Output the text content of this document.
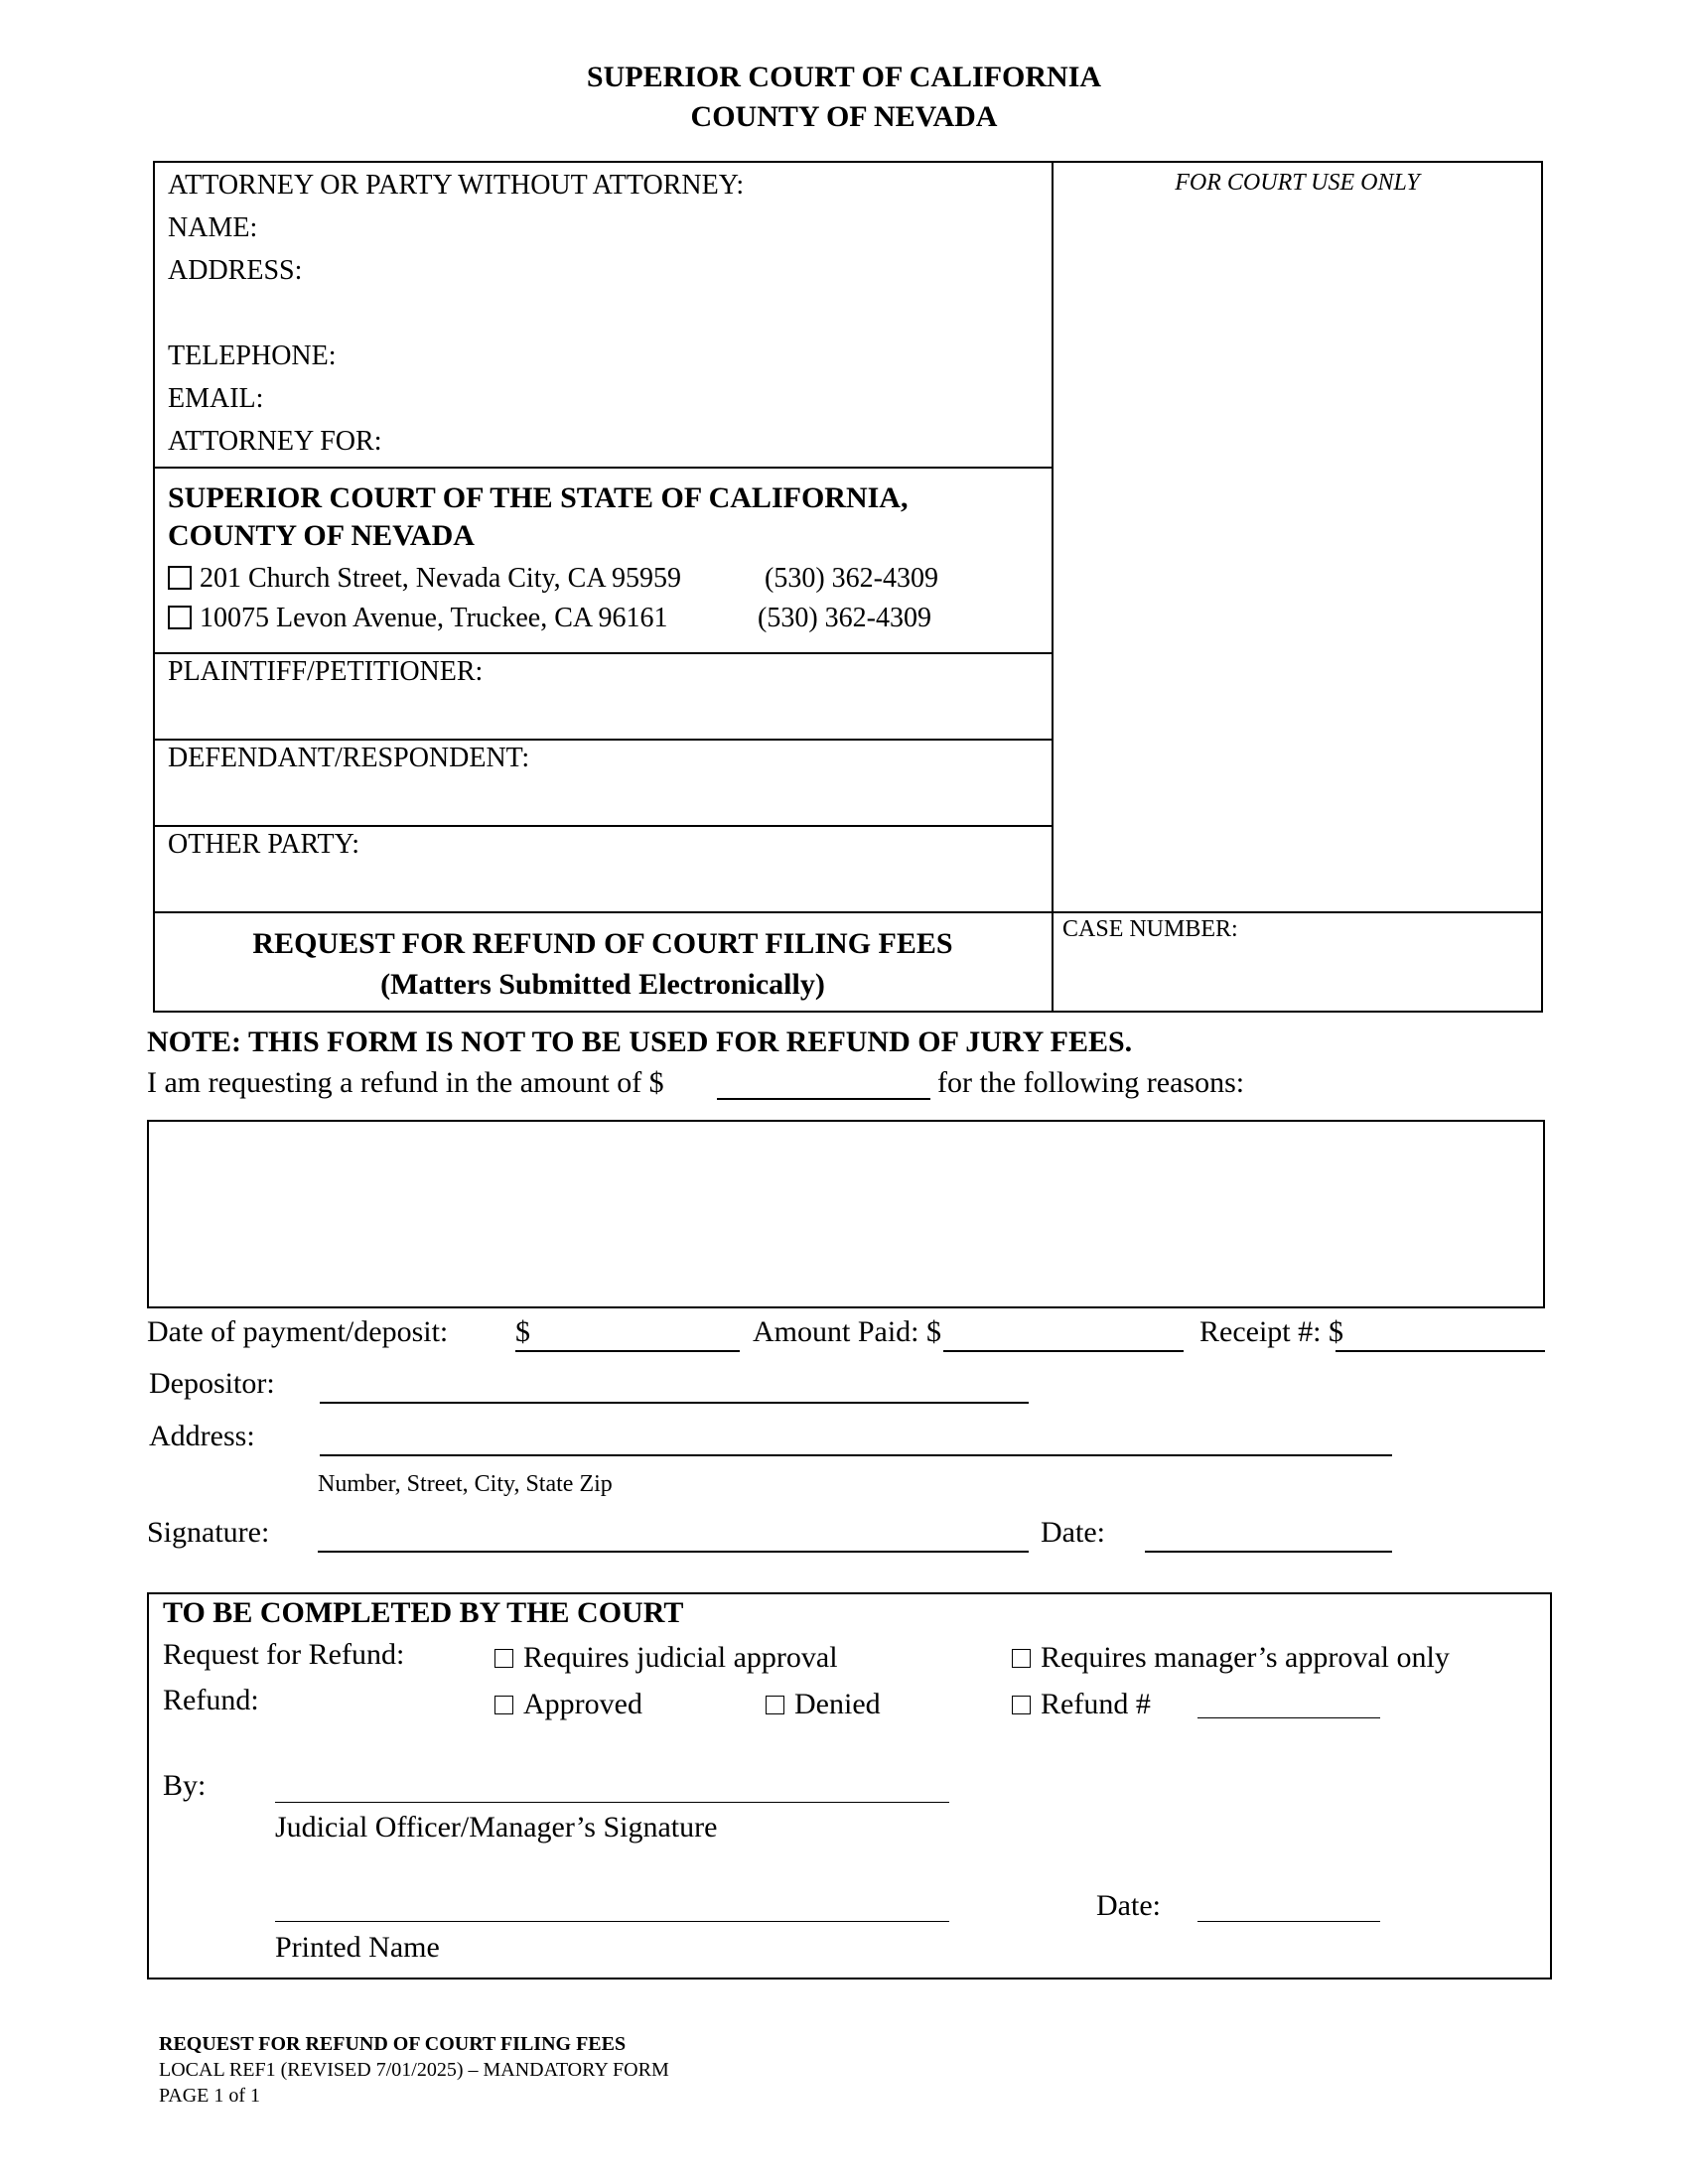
SUPERIOR COURT OF CALIFORNIA
COUNTY OF NEVADA
ATTORNEY OR PARTY WITHOUT ATTORNEY:
NAME:
ADDRESS:
TELEPHONE:
EMAIL:
ATTORNEY FOR:
FOR COURT USE ONLY
SUPERIOR COURT OF THE STATE OF CALIFORNIA,
COUNTY OF NEVADA
201 Church Street, Nevada City, CA 95959	(530) 362-4309
10075 Levon Avenue, Truckee, CA 96161	(530) 362-4309
PLAINTIFF/PETITIONER:
DEFENDANT/RESPONDENT:
OTHER PARTY:
REQUEST FOR REFUND OF COURT FILING FEES
(Matters Submitted Electronically)
CASE NUMBER:
NOTE: THIS FORM IS NOT TO BE USED FOR REFUND OF JURY FEES.
I am requesting a refund in the amount of $	for the following reasons:
Date of payment/deposit: $	Amount Paid: $	Receipt #: $
Depositor:
Address:
Number, Street, City, State Zip
Signature:	Date:
TO BE COMPLETED BY THE COURT
Request for Refund:	Requires judicial approval	Requires manager’s approval only
Refund:	Approved	Denied	Refund #
By:
Judicial Officer/Manager’s Signature
Date:
Printed Name
REQUEST FOR REFUND OF COURT FILING FEES
LOCAL REF1 (REVISED 7/01/2025) – MANDATORY FORM
PAGE 1 of 1
